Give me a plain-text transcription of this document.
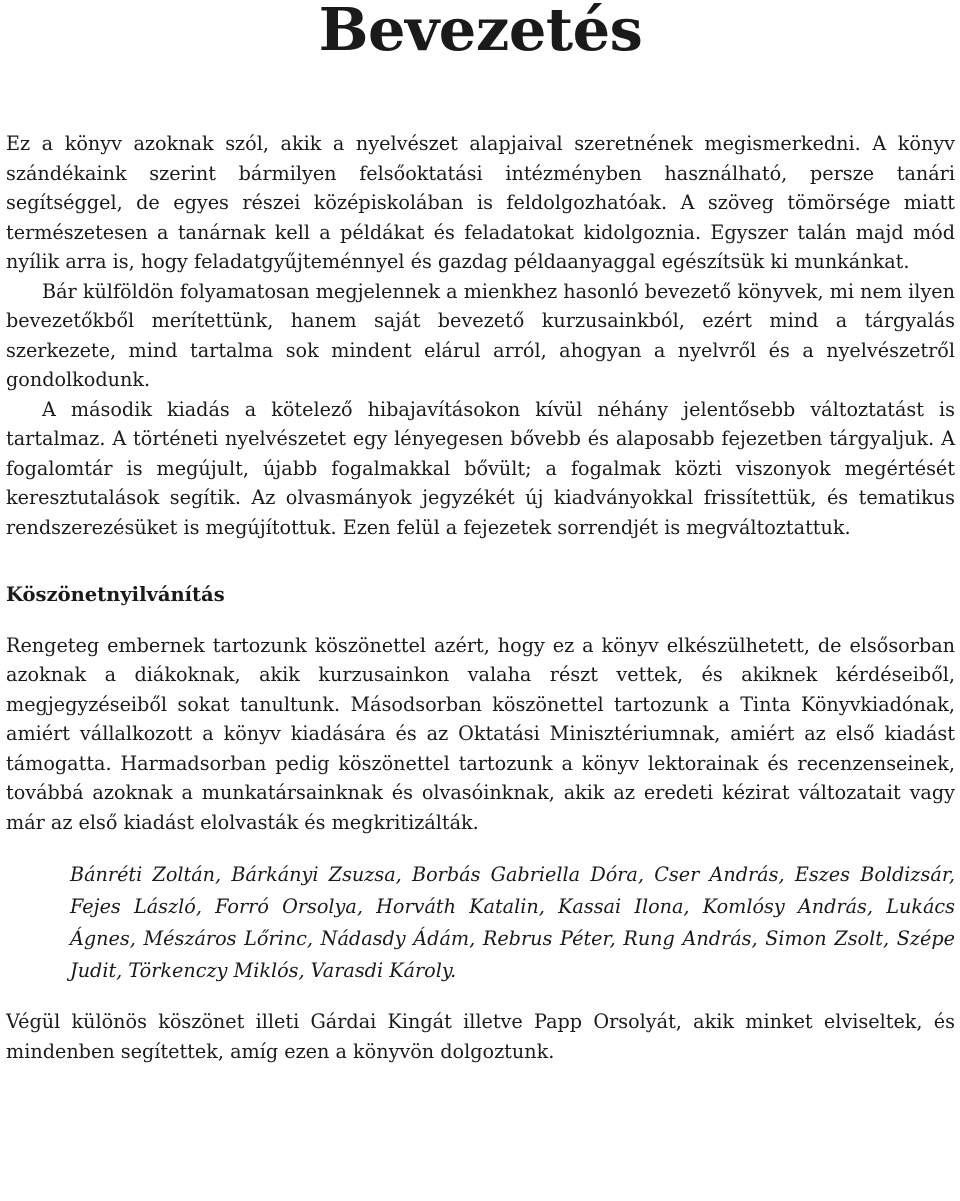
Bevezetés

Ez a könyv azoknak szól, akik a nyelvészet alapjaival szeretnének megismerkedni. A könyv szándékaink szerint bármilyen felsőoktatási intézményben használható, persze tanári segítséggel, de egyes részei középiskolában is feldolgozhatóak. A szöveg tömörsége miatt természetesen a tanárnak kell a példákat és feladatokat kidolgoznia. Egyszer talán majd mód nyílik arra is, hogy feladatgyűjteménnyel és gazdag példaanyaggal egészítsük ki munkánkat.

Bár külföldön folyamatosan megjelennek a mienkhez hasonló bevezető könyvek, mi nem ilyen bevezetőkből merítettünk, hanem saját bevezető kurzusainkból, ezért mind a tárgyalás szerkezete, mind tartalma sok mindent elárul arról, ahogyan a nyelvről és a nyelvészetről gondolkodunk.

A második kiadás a kötelező hibajavításokon kívül néhány jelentősebb változtatást is tartalmaz. A történeti nyelvészetet egy lényegesen bővebb és alaposabb fejezetben tárgyaljuk. A fogalomtár is megújult, újabb fogalmakkal bővült; a fogalmak közti viszonyok megértését keresztutalások segítik. Az olvasmányok jegyzékét új kiadványokkal frissítettük, és tematikus rendszerezésüket is megújítottuk. Ezen felül a fejezetek sorrendjét is megváltoztattuk.

Köszönetnyilvánítás

Rengeteg embernek tartozunk köszönettel azért, hogy ez a könyv elkészülhetett, de elsősorban azoknak a diákoknak, akik kurzusainkon valaha részt vettek, és akiknek kérdéseiből, megjegyzéseiből sokat tanultunk. Másodsorban köszönettel tartozunk a Tinta Könyvkiadónak, amiért vállalkozott a könyv kiadására és az Oktatási Minisztériumnak, amiért az első kiadást támogatta. Harmadsorban pedig köszönettel tartozunk a könyv lektorainak és recenzenseinek, továbbá azoknak a munkatársainknak és olvasóinknak, akik az eredeti kézirat változatait vagy már az első kiadást elolvasták és megkritizálták.

Bánréti Zoltán, Bárkányi Zsuzsa, Borbás Gabriella Dóra, Cser András, Eszes Boldizsár, Fejes László, Forró Orsolya, Horváth Katalin, Kassai Ilona, Komlósy András, Lukács Ágnes, Mészáros Lőrinc, Nádasdy Ádám, Rebrus Péter, Rung András, Simon Zsolt, Szépe Judit, Törkenczy Miklós, Varasdi Károly.

Végül különös köszönet illeti Gárdai Kingát illetve Papp Orsolyát, akik minket elviseltek, és mindenben segítettek, amíg ezen a könyvön dolgoztunk.
